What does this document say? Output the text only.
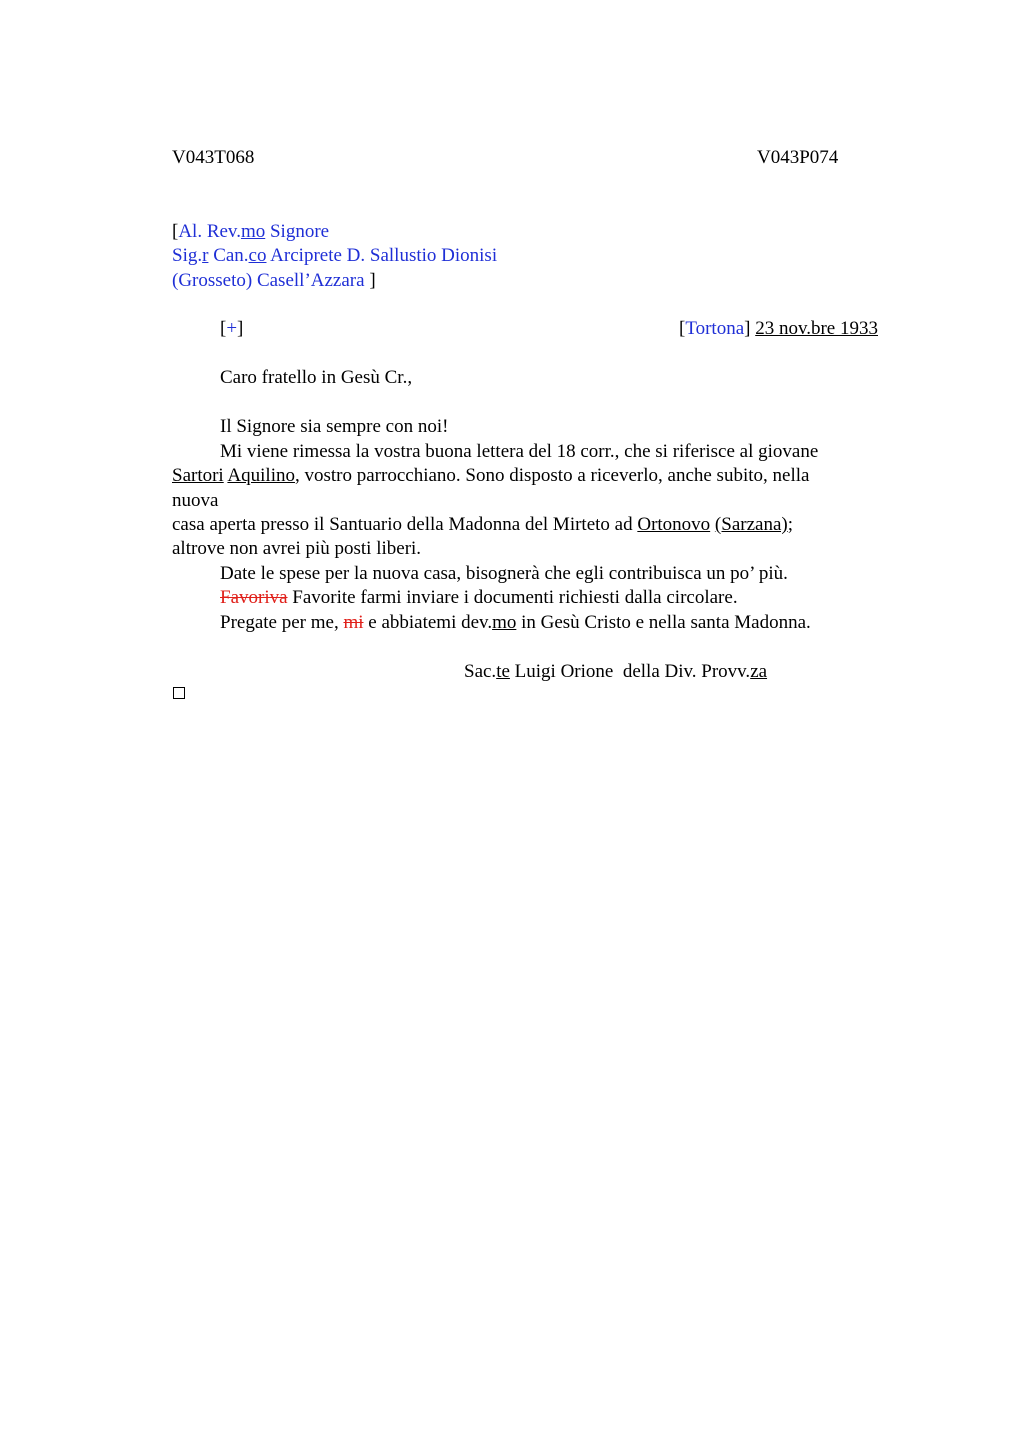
V043T068	V043P074
[Al. Rev.mo Signore
Sig.r Can.co Arciprete D. Sallustio Dionisi
(Grosseto) Casell’Azzara ]
[+]	[Tortona] 23 nov.bre 1933
Caro fratello in Gesù Cr.,
Il Signore sia sempre con noi!
Mi viene rimessa la vostra buona lettera del 18 corr., che si riferisce al giovane
Sartori Aquilino, vostro parrocchiano. Sono disposto a riceverlo, anche subito, nella
nuova
casa aperta presso il Santuario della Madonna del Mirteto ad Ortonovo (Sarzana);
altrove non avrei più posti liberi.
Date le spese per la nuova casa, bisognerà che egli contribuisca un po’ più.
Favoriva Favorite farmi inviare i documenti richiesti dalla circolare.
Pregate per me, mi e abbiatemi dev.mo in Gesù Cristo e nella santa Madonna.
Sac.te Luigi Orione  della Div. Provv.za
